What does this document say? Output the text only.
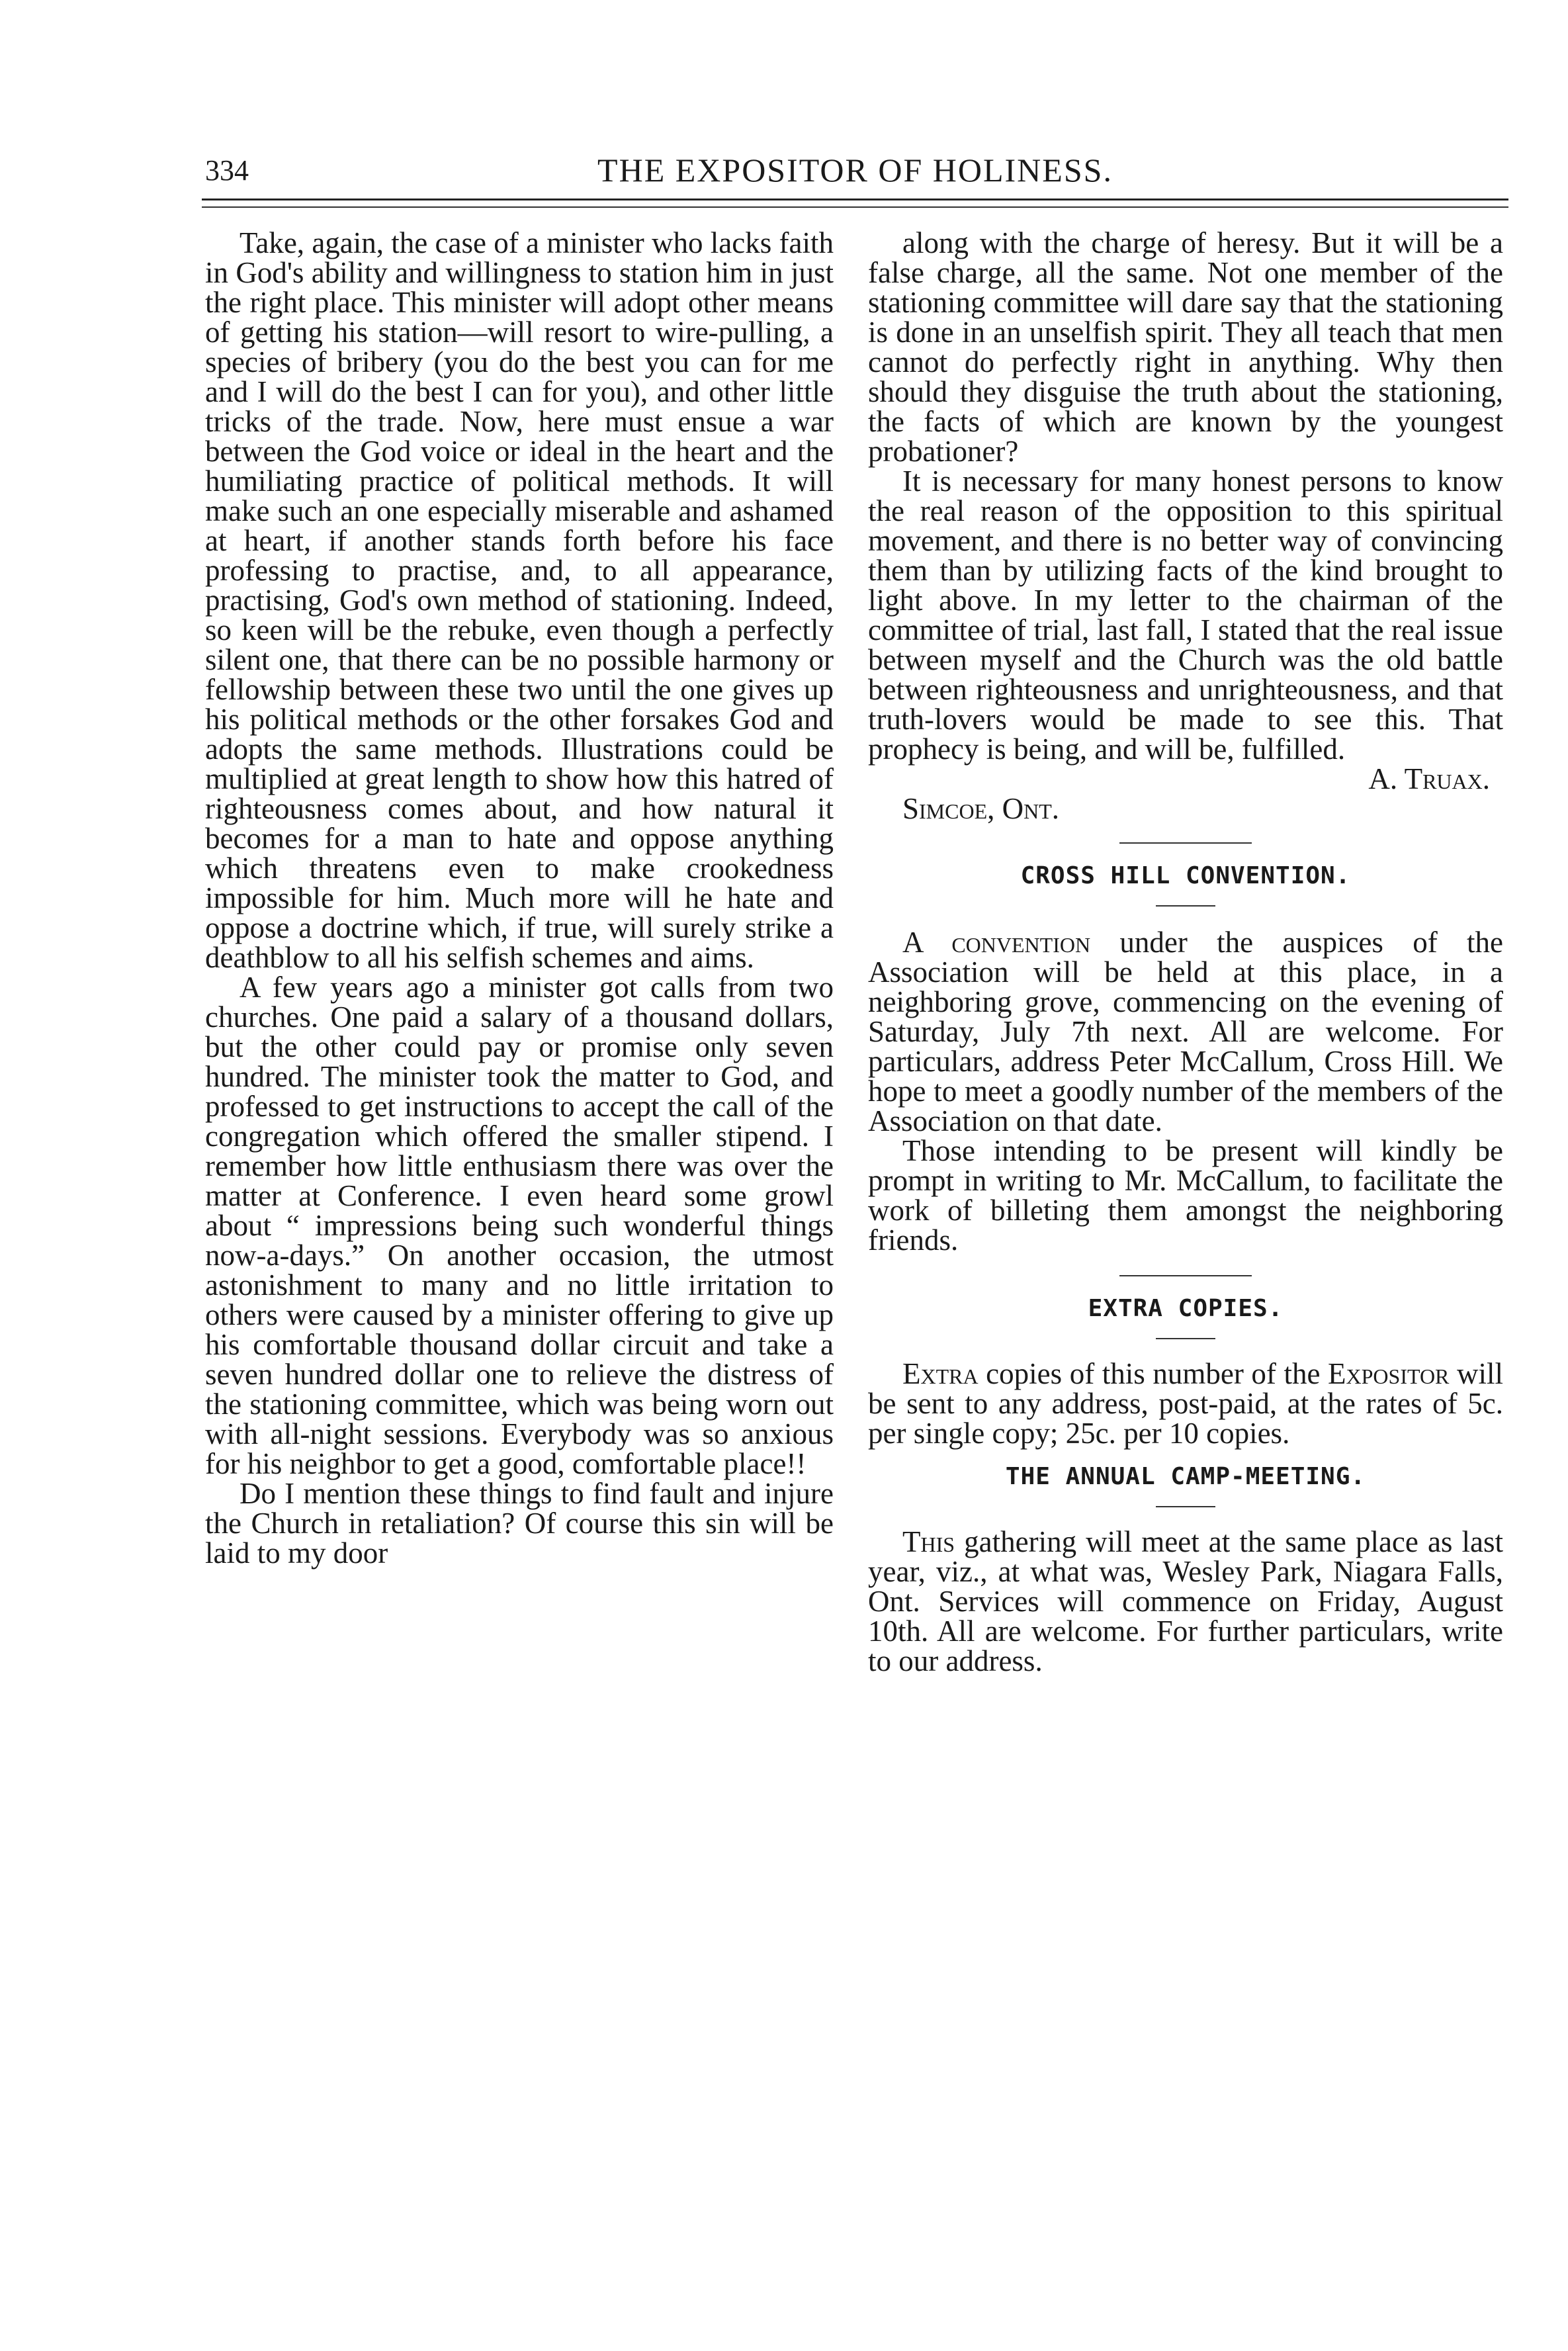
334	THE EXPOSITOR OF HOLINESS.

Take, again, the case of a minister who lacks faith in God's ability and willingness to station him in just the right place. This minister will adopt other means of getting his station—will resort to wire-pulling, a species of bribery (you do the best you can for me and I will do the best I can for you), and other little tricks of the trade. Now, here must ensue a war between the God voice or ideal in the heart and the humiliating practice of political methods. It will make such an one especially miserable and ashamed at heart, if another stands forth before his face professing to practise, and, to all appearance, practising, God's own method of stationing. Indeed, so keen will be the rebuke, even though a perfectly silent one, that there can be no possible harmony or fellowship between these two until the one gives up his political methods or the other forsakes God and adopts the same methods. Illustrations could be multiplied at great length to show how this hatred of righteousness comes about, and how natural it becomes for a man to hate and oppose anything which threatens even to make crookedness impossible for him. Much more will he hate and oppose a doctrine which, if true, will surely strike a deathblow to all his selfish schemes and aims.

A few years ago a minister got calls from two churches. One paid a salary of a thousand dollars, but the other could pay or promise only seven hundred. The minister took the matter to God, and professed to get instructions to accept the call of the congregation which offered the smaller stipend. I remember how little enthusiasm there was over the matter at Conference. I even heard some growl about “ impressions being such wonderful things now-a-days.” On another occasion, the utmost astonishment to many and no little irritation to others were caused by a minister offering to give up his comfortable thousand dollar circuit and take a seven hundred dollar one to relieve the distress of the stationing committee, which was being worn out with all-night sessions. Everybody was so anxious for his neighbor to get a good, comfortable place!!

Do I mention these things to find fault and injure the Church in retaliation? Of course this sin will be laid to my door

along with the charge of heresy. But it will be a false charge, all the same. Not one member of the stationing committee will dare say that the stationing is done in an unselfish spirit. They all teach that men cannot do perfectly right in anything. Why then should they disguise the truth about the stationing, the facts of which are known by the youngest probationer?

It is necessary for many honest persons to know the real reason of the opposition to this spiritual movement, and there is no better way of convincing them than by utilizing facts of the kind brought to light above. In my letter to the chairman of the committee of trial, last fall, I stated that the real issue between myself and the Church was the old battle between righteousness and unrighteousness, and that truth-lovers would be made to see this. That prophecy is being, and will be, fulfilled.

A. Truax.

Simcoe, Ont.

CROSS HILL CONVENTION.

A convention under the auspices of the Association will be held at this place, in a neighboring grove, commencing on the evening of Saturday, July 7th next. All are welcome. For particulars, address Peter McCallum, Cross Hill. We hope to meet a goodly number of the members of the Association on that date.

Those intending to be present will kindly be prompt in writing to Mr. McCallum, to facilitate the work of billeting them amongst the neighboring friends.

EXTRA COPIES.

Extra copies of this number of the Expositor will be sent to any address, post-paid, at the rates of 5c. per single copy; 25c. per 10 copies.

THE ANNUAL CAMP-MEETING.

This gathering will meet at the same place as last year, viz., at what was, Wesley Park, Niagara Falls, Ont. Services will commence on Friday, August 10th. All are welcome. For further particulars, write to our address.
